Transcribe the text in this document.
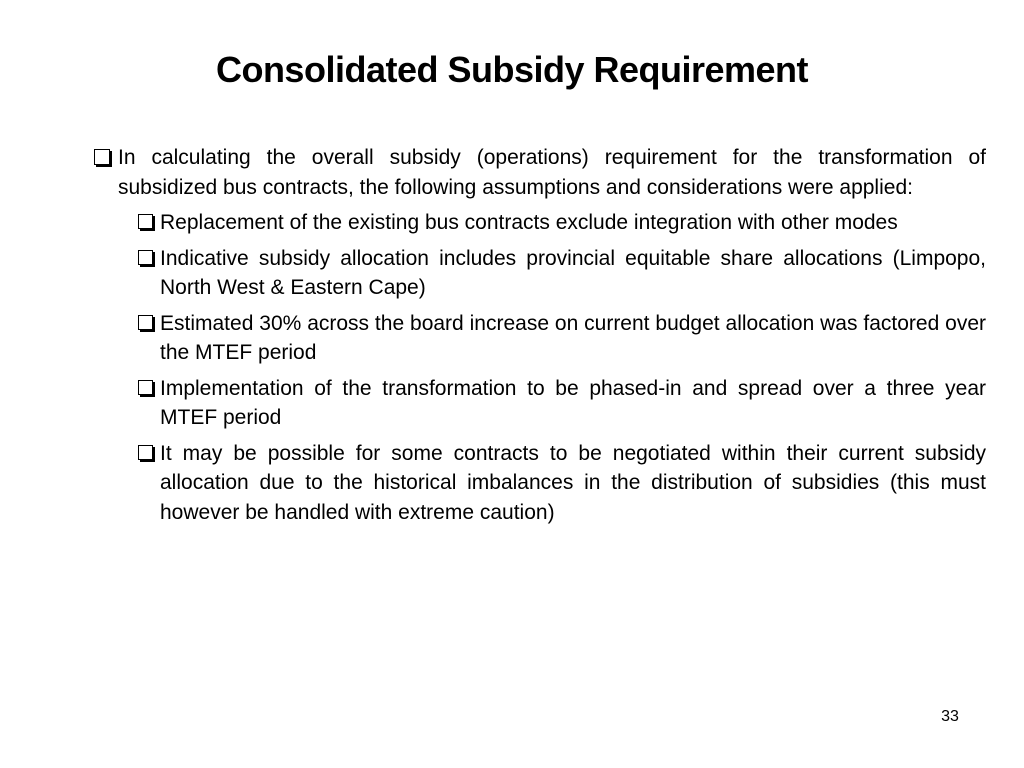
Consolidated Subsidy Requirement
In calculating the overall subsidy (operations) requirement for the transformation of subsidized bus contracts, the following assumptions and considerations were applied:
Replacement of the existing bus contracts exclude integration with other modes
Indicative subsidy allocation includes provincial equitable share allocations (Limpopo, North West & Eastern Cape)
Estimated 30% across the board increase on current budget allocation was factored over the MTEF period
Implementation of the transformation to be phased-in and spread over a three year MTEF period
It may be possible for some contracts to be negotiated within their current subsidy allocation due to the historical imbalances in the distribution of subsidies (this must however be handled with extreme caution)
33
